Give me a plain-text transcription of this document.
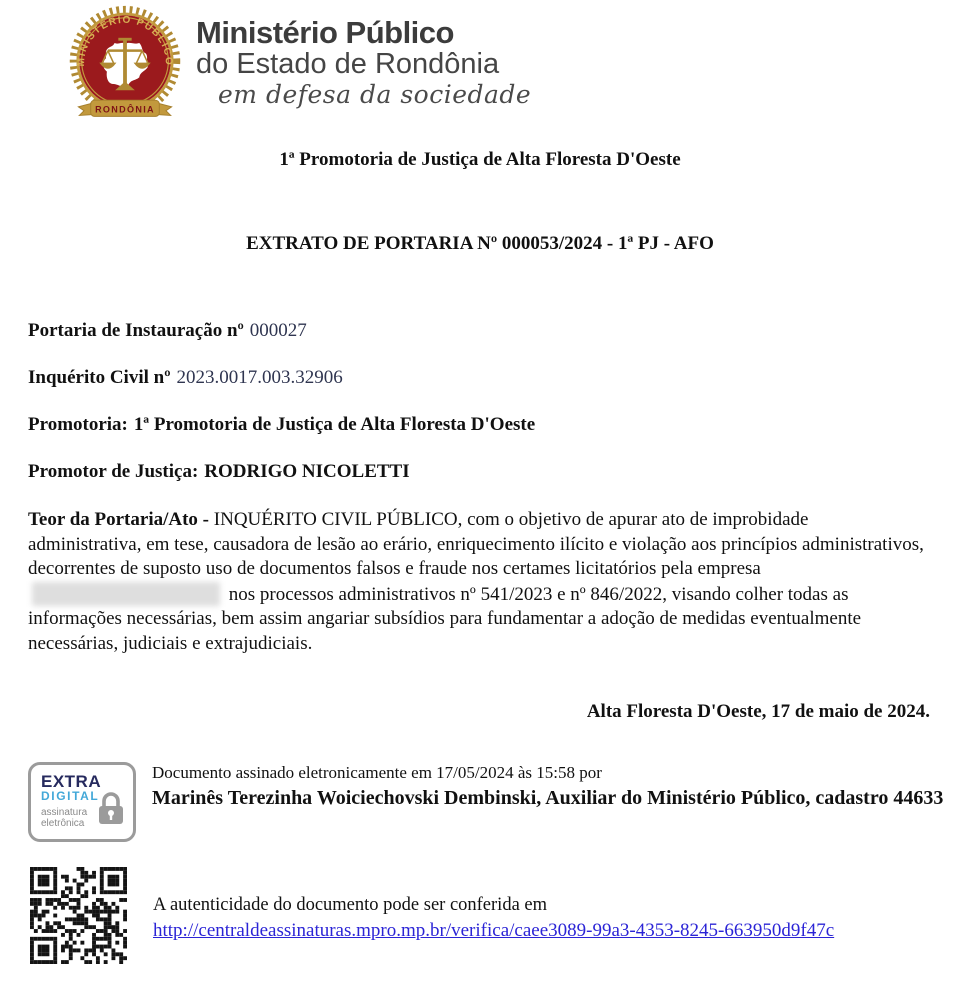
MINISTÉRIO PÚBLICO
RONDÔNIA
Ministério Público
do Estado de Rondônia
em defesa da sociedade
1ª Promotoria de Justiça de Alta Floresta D'Oeste
EXTRATO DE PORTARIA Nº 000053/2024 - 1ª PJ - AFO

Portaria de Instauração nº 000027

Inquérito Civil nº 2023.0017.003.32906

Promotoria: 1ª Promotoria de Justiça de Alta Floresta D'Oeste

Promotor de Justiça: RODRIGO NICOLETTI

Teor da Portaria/Ato - INQUÉRITO CIVIL PÚBLICO, com o objetivo de apurar ato de improbidade administrativa, em tese, causadora de lesão ao erário, enriquecimento ilícito e violação aos princípios administrativos, decorrentes de suposto uso de documentos falsos e fraude nos certames licitatórios pela empresa  nos processos administrativos nº 541/2023 e nº 846/2022, visando colher todas as informações necessárias, bem assim angariar subsídios para fundamentar a adoção de medidas eventualmente necessárias, judiciais e extrajudiciais.

Alta Floresta D'Oeste, 17 de maio de 2024.

EXTRA
DIGITAL
assinatura
eletrônica
Documento assinado eletronicamente em 17/05/2024 às 15:58 por
Marinês Terezinha Woiciechovski Dembinski, Auxiliar do Ministério Público, cadastro 44633
A autenticidade do documento pode ser conferida em
http://centraldeassinaturas.mpro.mp.br/verifica/caee3089-99a3-4353-8245-663950d9f47c
